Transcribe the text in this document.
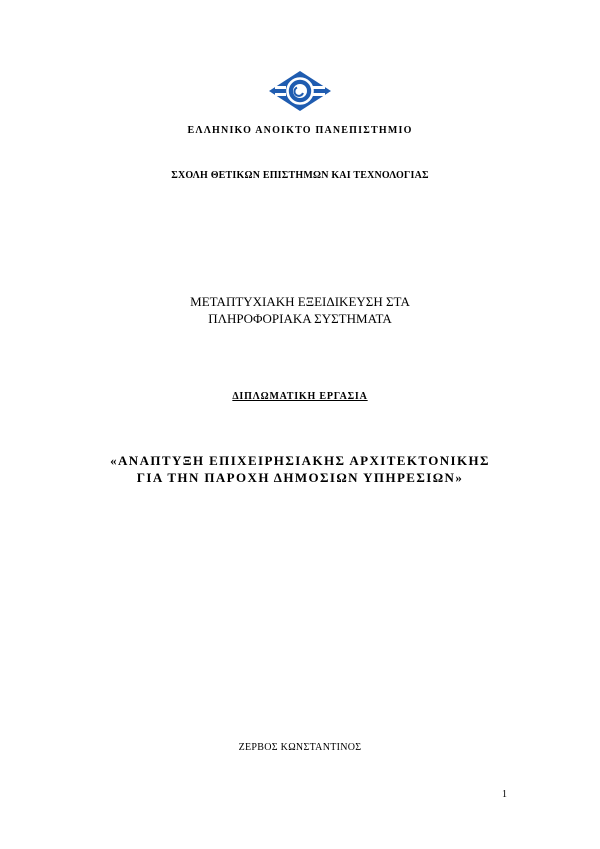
ΕΛΛΗΝΙΚΟ ΑΝΟΙΚΤΟ ΠΑΝΕΠΙΣΤΗΜΙΟ
ΣΧΟΛΗ ΘΕΤΙΚΩΝ ΕΠΙΣΤΗΜΩΝ ΚΑΙ ΤΕΧΝΟΛΟΓΙΑΣ
ΜΕΤΑΠΤΥΧΙΑΚΗ ΕΞΕΙΔΙΚΕΥΣΗ ΣΤΑ
ΠΛΗΡΟΦΟΡΙΑΚΑ ΣΥΣΤΗΜΑΤΑ
ΔΙΠΛΩΜΑΤΙΚΗ ΕΡΓΑΣΙΑ
«ΑΝΑΠΤΥΞΗ ΕΠΙΧΕΙΡΗΣΙΑΚΗΣ ΑΡΧΙΤΕΚΤΟΝΙΚΗΣ
ΓΙΑ ΤΗΝ ΠΑΡΟΧΗ ΔΗΜΟΣΙΩΝ ΥΠΗΡΕΣΙΩΝ»
ΖΕΡΒΟΣ ΚΩΝΣΤΑΝΤΙΝΟΣ
1
